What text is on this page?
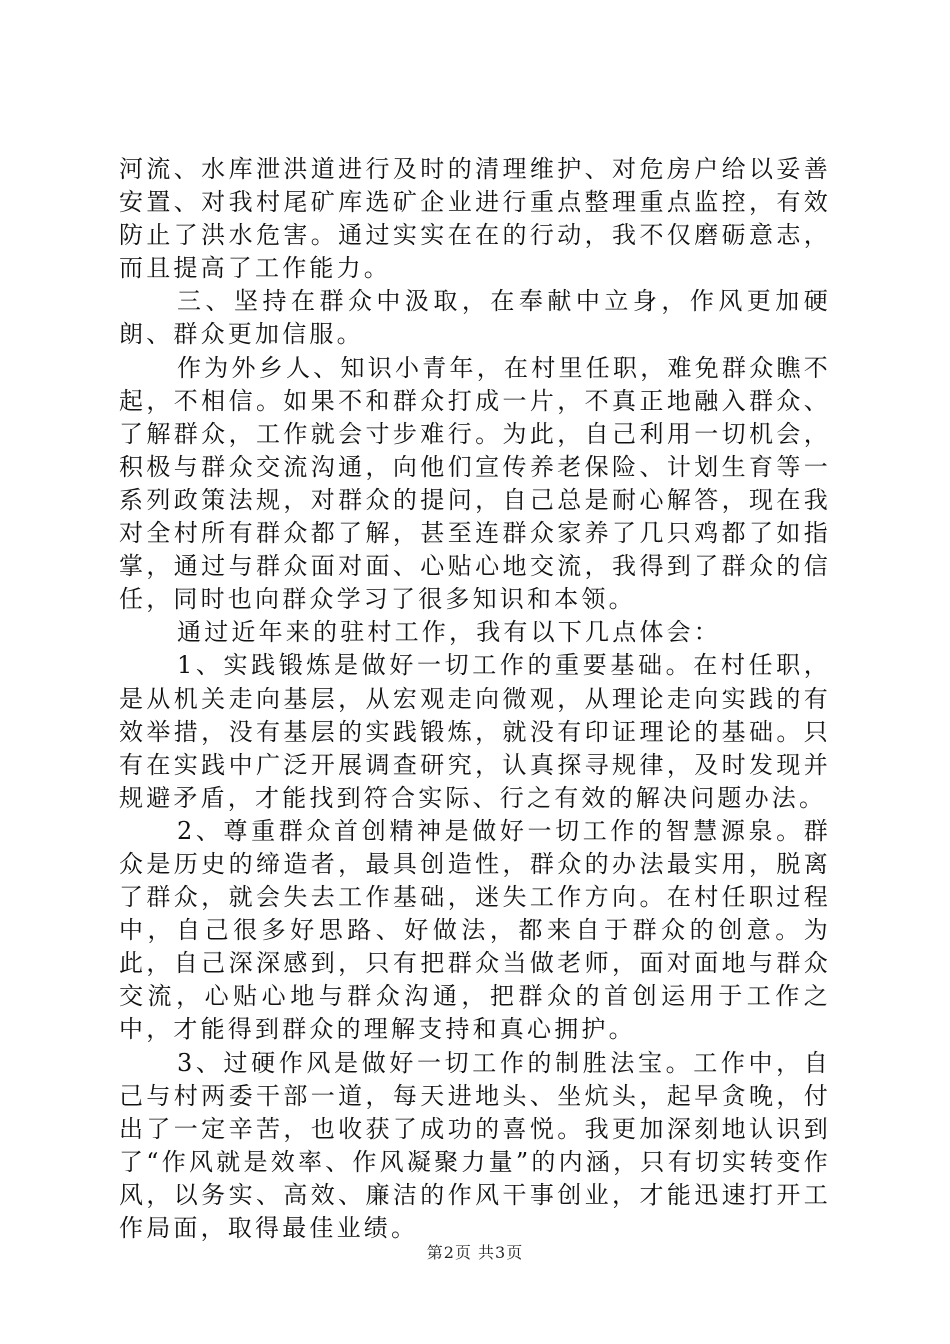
河流、水库泄洪道进行及时的清理维护、对危房户给以妥善安置、对我村尾矿库选矿企业进行重点整理重点监控，有效防止了洪水危害。通过实实在在的行动，我不仅磨砺意志，而且提高了工作能力。

三、坚持在群众中汲取，在奉献中立身，作风更加硬朗、群众更加信服。

作为外乡人、知识小青年，在村里任职，难免群众瞧不起，不相信。如果不和群众打成一片，不真正地融入群众、了解群众，工作就会寸步难行。为此，自己利用一切机会，积极与群众交流沟通，向他们宣传养老保险、计划生育等一系列政策法规，对群众的提问，自己总是耐心解答，现在我对全村所有群众都了解，甚至连群众家养了几只鸡都了如指掌，通过与群众面对面、心贴心地交流，我得到了群众的信任，同时也向群众学习了很多知识和本领。

通过近年来的驻村工作，我有以下几点体会：

1、实践锻炼是做好一切工作的重要基础。在村任职，是从机关走向基层，从宏观走向微观，从理论走向实践的有效举措，没有基层的实践锻炼，就没有印证理论的基础。只有在实践中广泛开展调查研究，认真探寻规律，及时发现并规避矛盾，才能找到符合实际、行之有效的解决问题办法。

2、尊重群众首创精神是做好一切工作的智慧源泉。群众是历史的缔造者，最具创造性，群众的办法最实用，脱离了群众，就会失去工作基础，迷失工作方向。在村任职过程中，自己很多好思路、好做法，都来自于群众的创意。为此，自己深深感到，只有把群众当做老师，面对面地与群众交流，心贴心地与群众沟通，把群众的首创运用于工作之中，才能得到群众的理解支持和真心拥护。

3、过硬作风是做好一切工作的制胜法宝。工作中，自己与村两委干部一道，每天进地头、坐炕头，起早贪晚，付出了一定辛苦，也收获了成功的喜悦。我更加深刻地认识到了“作风就是效率、作风凝聚力量”的内涵，只有切实转变作风，以务实、高效、廉洁的作风干事创业，才能迅速打开工作局面，取得最佳业绩。

第2页 共3页
